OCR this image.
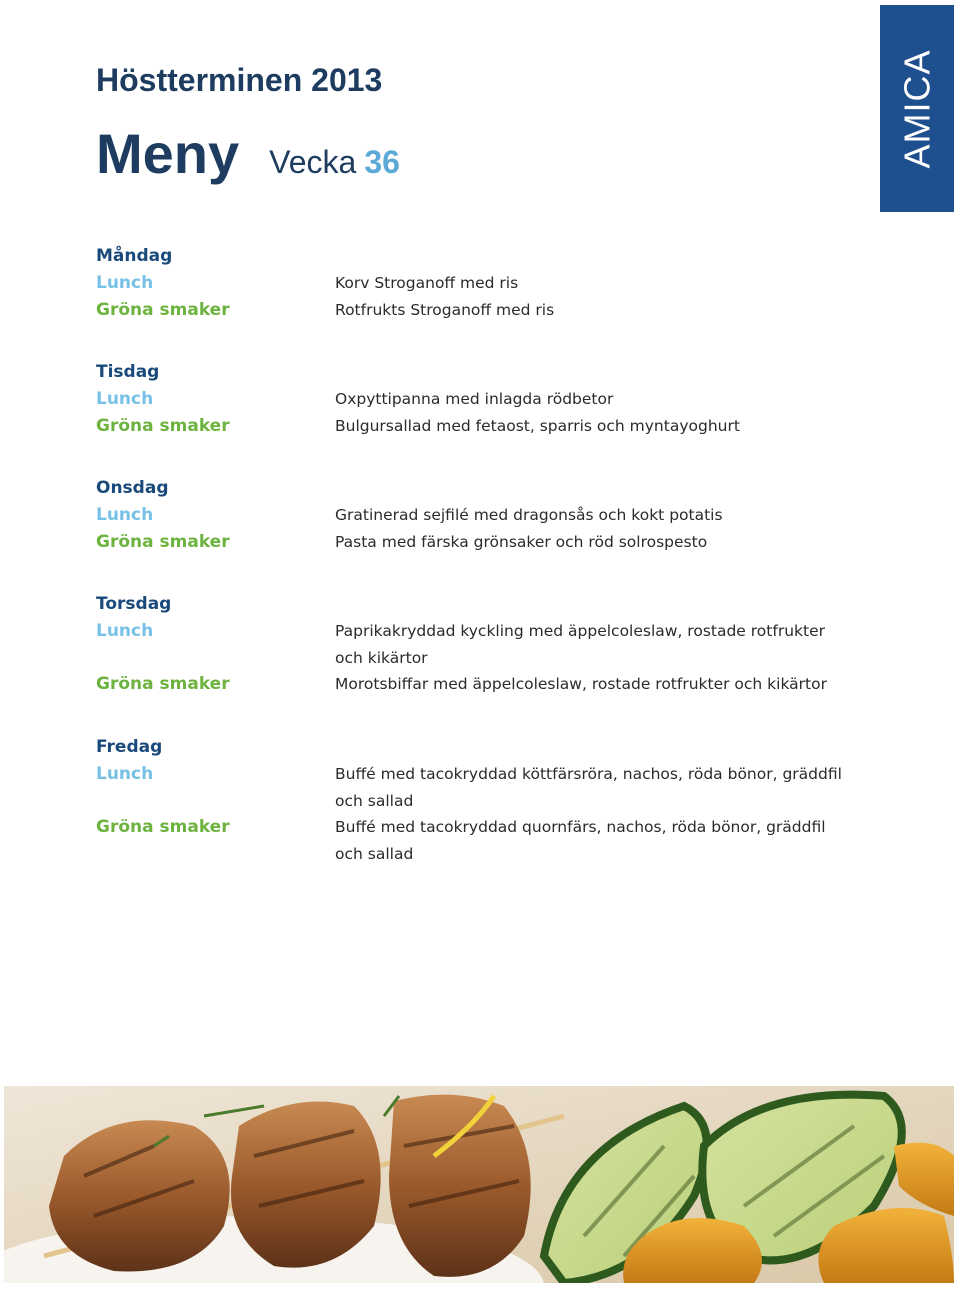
AMICA
Höstterminen 2013
Meny Vecka 36
Måndag
Lunch	Korv Stroganoff med ris
Gröna smaker	Rotfrukts Stroganoff med ris
Tisdag
Lunch	Oxpyttipanna med inlagda rödbetor
Gröna smaker	Bulgursallad med fetaost, sparris och myntayoghurt
Onsdag
Lunch	Gratinerad sejfilé med dragonsås och kokt potatis
Gröna smaker	Pasta med färska grönsaker och röd solrospesto
Torsdag
Lunch	Paprikakryddad kyckling med äppelcoleslaw, rostade rotfrukter och kikärtor
Gröna smaker	Morotsbiffar med äppelcoleslaw, rostade rotfrukter och kikärtor
Fredag
Lunch	Buffé med tacokryddad köttfärsröra, nachos, röda bönor, gräddfil och sallad
Gröna smaker	Buffé med tacokryddad quornfärs, nachos, röda bönor, gräddfil och sallad
